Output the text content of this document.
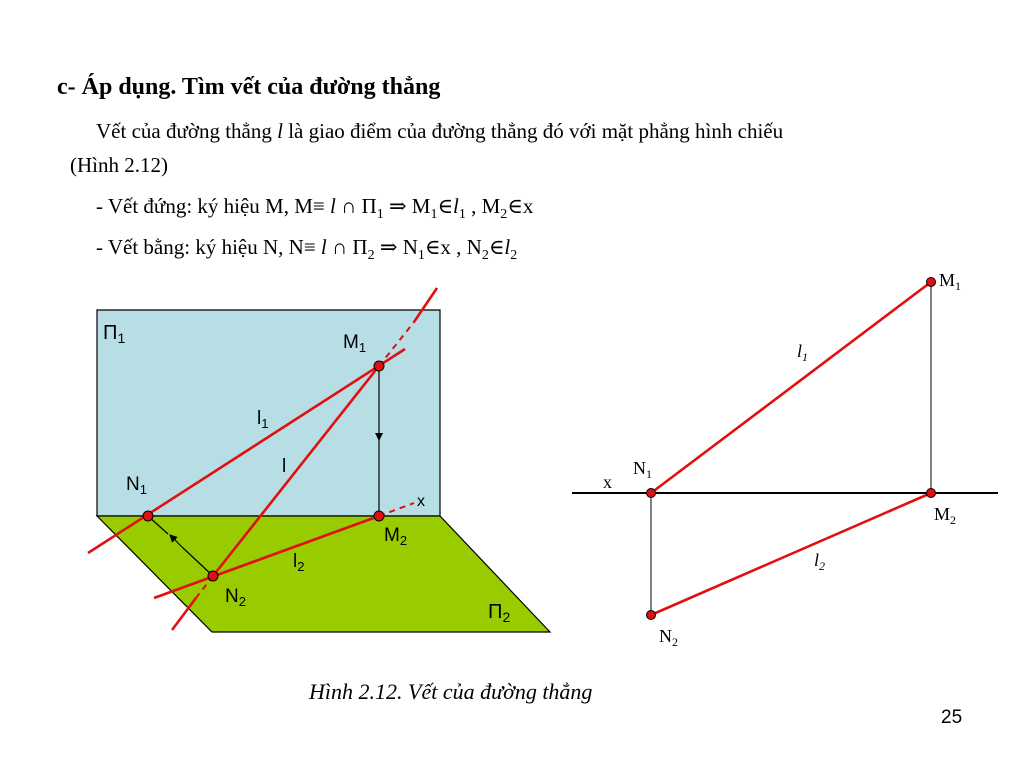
c- Áp dụng. Tìm vết của đường thẳng
Vết của đường thẳng l là giao điểm của đường thẳng đó với mặt phẳng hình chiếu
(Hình 2.12)
- Vết đứng: ký hiệu M, M≡ l ∩ $\Pi_1$ ⇒ $M_1\in l_1$ , $M_2\in x$
- Vết bằng: ký hiệu N, N≡ l ∩ $\Pi_2$ ⇒ $N_1\in x$ , $N_2\in l_2$
$\Pi_1$
$\Pi_2$
$M_1$
$M_2$
$N_1$
$N_2$
$l_1$
$l_2$
l
x
$M_1$
$M_2$
$N_1$
$N_2$
$l_1$
$l_2$
x
Hình 2.12. Vết của đường thẳng
25
